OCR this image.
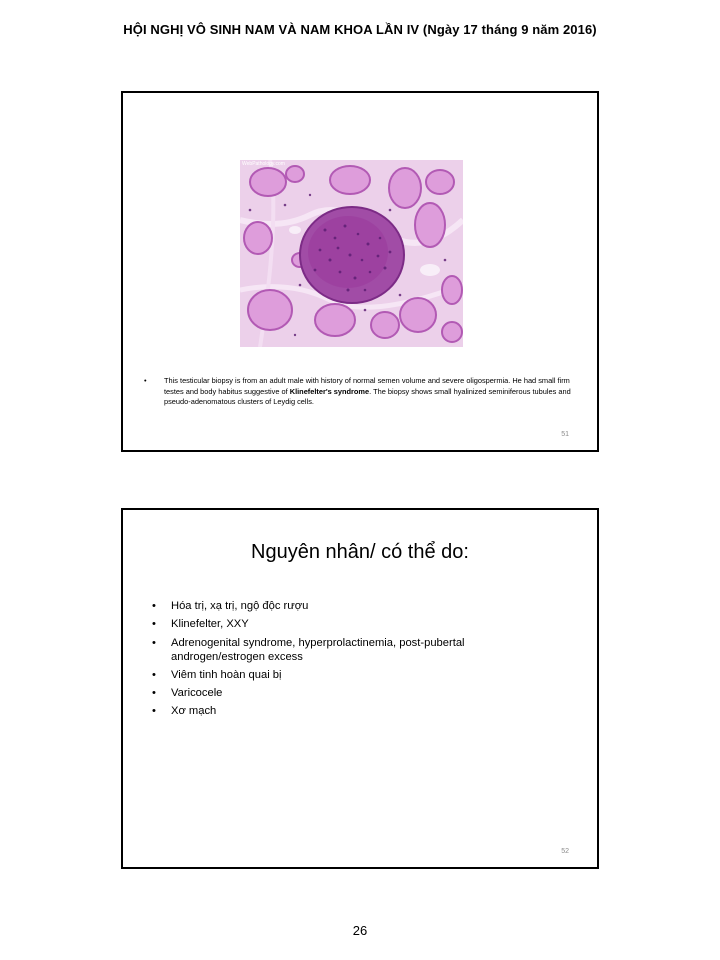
HỘI NGHỊ VÔ SINH NAM VÀ NAM KHOA LẦN IV (Ngày 17 tháng 9 năm 2016)
WebPathology.com
• This testicular biopsy is from an adult male with history of normal semen volume and severe oligospermia. He had small firm testes and body habitus suggestive of Klinefelter's syndrome. The biopsy shows small hyalinized seminiferous tubules and pseudo-adenomatous clusters of Leydig cells.
51
Nguyên nhân/ có thể do:
• Hóa trị, xạ trị, ngộ độc rượu
• Klinefelter, XXY
• Adrenogenital syndrome, hyperprolactinemia, post-pubertal androgen/estrogen excess
• Viêm tinh hoàn quai bị
• Varicocele
• Xơ mạch
52
26
